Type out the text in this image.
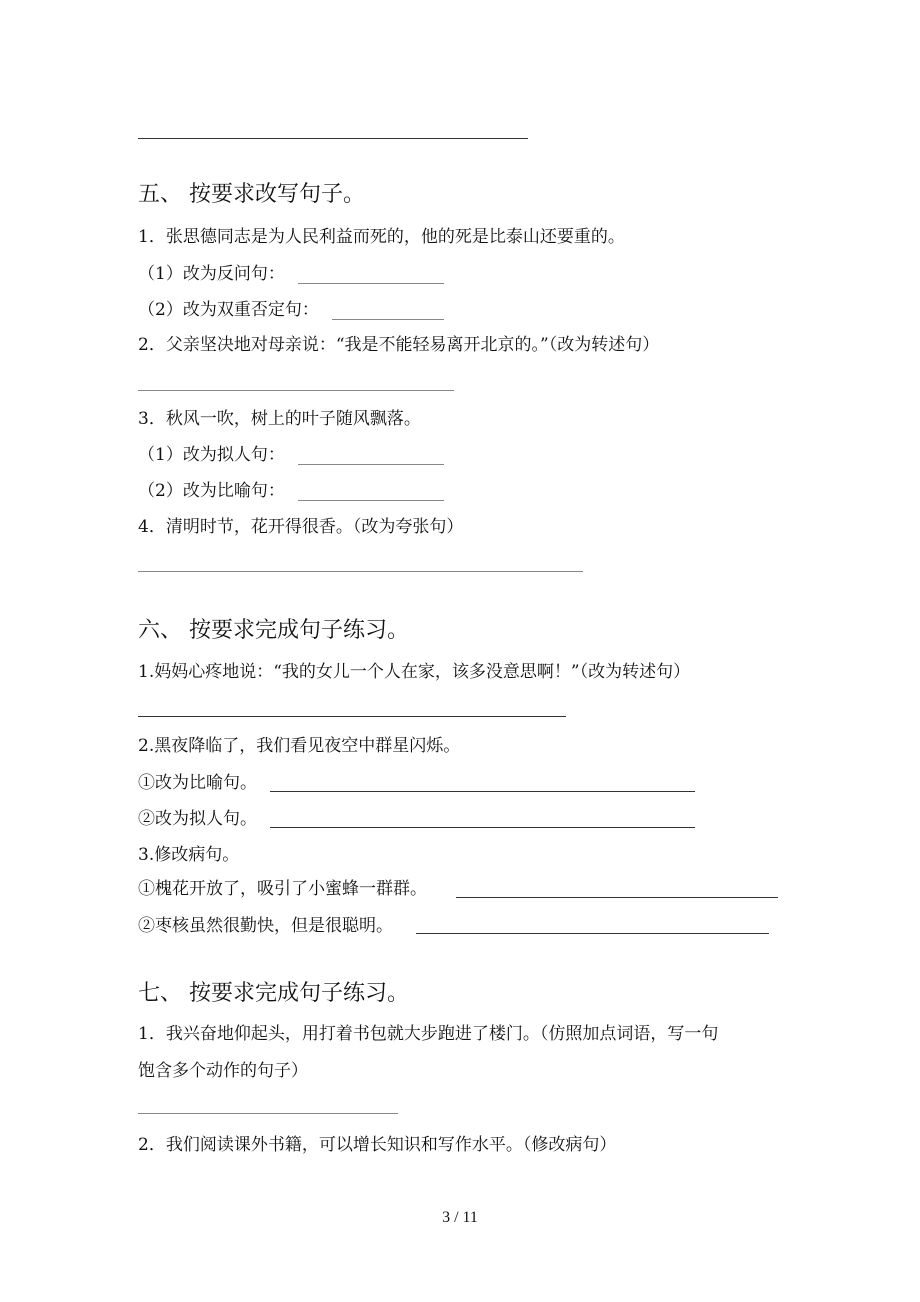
五、 按要求改写句子。
1．张思德同志是为人民利益而死的，他的死是比泰山还要重的。
（1）改为反问句：
（2）改为双重否定句：
2．父亲坚决地对母亲说：“我是不能轻易离开北京的。”（改为转述句）
3．秋风一吹，树上的叶子随风飘落。
（1）改为拟人句：
（2）改为比喻句：
4．清明时节，花开得很香。（改为夸张句）
六、 按要求完成句子练习。
1.妈妈心疼地说：“我的女儿一个人在家，该多没意思啊！”（改为转述句）
2.黑夜降临了，我们看见夜空中群星闪烁。
①改为比喻句。
②改为拟人句。
3.修改病句。
①槐花开放了，吸引了小蜜蜂一群群。
②枣核虽然很勤快，但是很聪明。
七、 按要求完成句子练习。
1．我兴奋地仰起头，用打着书包就大步跑进了楼门。（仿照加点词语，写一句
饱含多个动作的句子）
2．我们阅读课外书籍，可以增长知识和写作水平。（修改病句）
3 / 11
